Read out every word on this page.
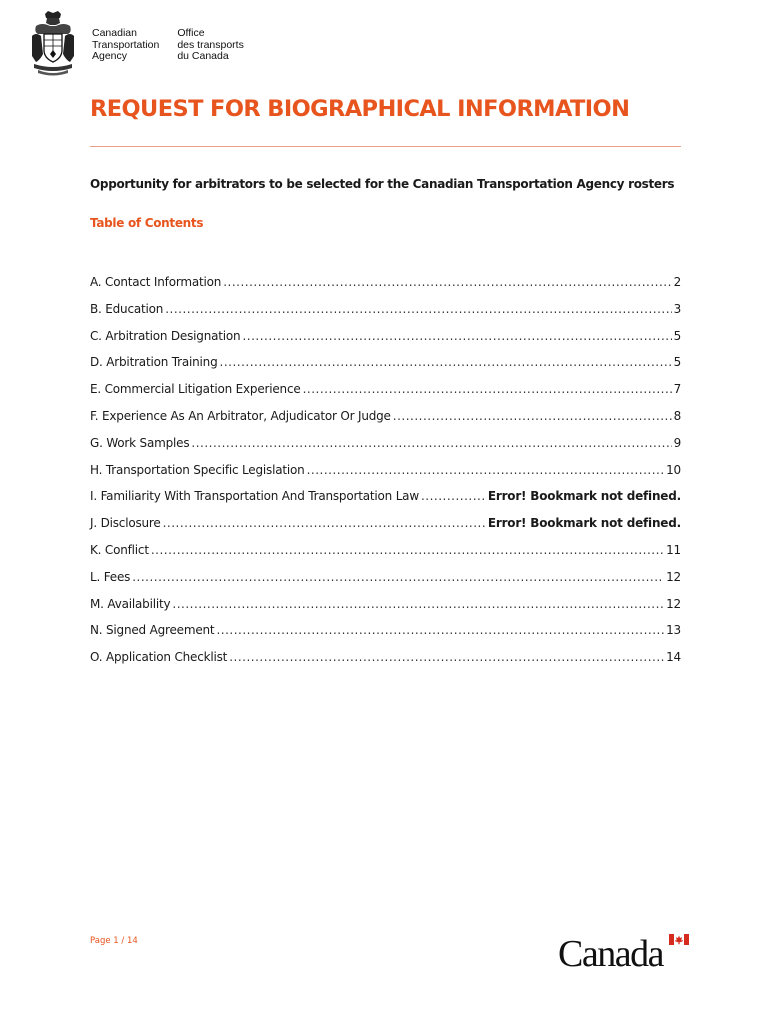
Canadian
Transportation
Agency
Office
des transports
du Canada
REQUEST FOR BIOGRAPHICAL INFORMATION
Opportunity for arbitrators to be selected for the Canadian Transportation Agency rosters
Table of Contents
A. Contact Information .....	2
B. Education .....	3
C. Arbitration Designation .....	5
D. Arbitration Training .....	5
E. Commercial Litigation Experience .....	7
F. Experience As An Arbitrator, Adjudicator Or Judge .....	8
G. Work Samples .....	9
H. Transportation Specific Legislation .....	10
I. Familiarity With Transportation And Transportation Law .....	Error! Bookmark not defined.
J. Disclosure .....	Error! Bookmark not defined.
K. Conflict .....	11
L. Fees .....	12
M. Availability .....	12
N. Signed Agreement .....	13
O. Application Checklist .....	14
Page 1 / 14	Canada
